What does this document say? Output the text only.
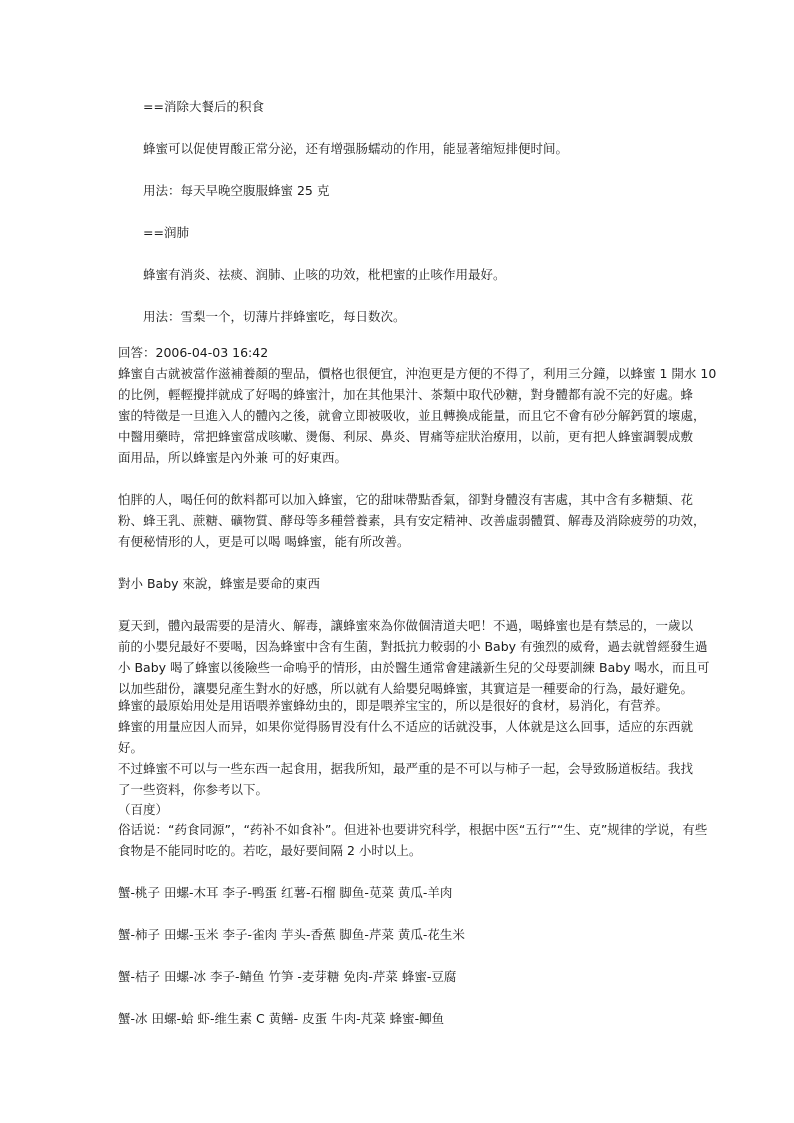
==消除大餐后的积食
蜂蜜可以促使胃酸正常分泌，还有增强肠蠕动的作用，能显著缩短排便时间。
用法：每天早晚空腹服蜂蜜 25 克
==润肺
蜂蜜有消炎、祛痰、润肺、止咳的功效，枇杷蜜的止咳作用最好。
用法：雪梨一个，切薄片拌蜂蜜吃，每日数次。
回答：2006-04-03 16:42
蜂蜜自古就被當作滋補養顏的聖品，價格也很便宜，沖泡更是方便的不得了，利用三分鐘，以蜂蜜 1 開水 10
的比例，輕輕攪拌就成了好喝的蜂蜜汁，加在其他果汁、茶類中取代砂糖，對身體都有說不完的好處。蜂
蜜的特徵是一旦進入人的體內之後，就會立即被吸收，並且轉換成能量，而且它不會有砂分解鈣質的壞處，
中醫用藥時，常把蜂蜜當成咳嗽、燙傷、利尿、鼻炎、胃痛等症狀治療用，以前，更有把人蜂蜜調製成敷
面用品，所以蜂蜜是內外兼 可的好東西。
怕胖的人，喝任何的飲料都可以加入蜂蜜，它的甜味帶點香氣，卻對身體沒有害處，其中含有多糖類、花
粉、蜂王乳、蔗糖、礦物質、酵母等多種營養素，具有安定精神、改善虛弱體質、解毒及消除疲勞的功效，
有便秘情形的人，更是可以喝 喝蜂蜜，能有所改善。
對小 Baby 來說，蜂蜜是要命的東西
夏天到，體內最需要的是清火、解毒，讓蜂蜜來為你做個清道夫吧！不過，喝蜂蜜也是有禁忌的，一歲以
前的小嬰兒最好不要喝，因為蜂蜜中含有生菌，對抵抗力較弱的小 Baby 有強烈的威脅，過去就曾經發生過
小 Baby 喝了蜂蜜以後險些一命嗚乎的情形，由於醫生通常會建議新生兒的父母要訓練 Baby 喝水，而且可
以加些甜份，讓嬰兒產生對水的好感，所以就有人給嬰兒喝蜂蜜，其實這是一種要命的行為，最好避免。
蜂蜜的最原始用处是用语喂养蜜蜂幼虫的，即是喂养宝宝的，所以是很好的食材，易消化，有营养。
蜂蜜的用量应因人而异，如果你觉得肠胃没有什么不适应的话就没事，人体就是这么回事，适应的东西就
好。
不过蜂蜜不可以与一些东西一起食用，据我所知，最严重的是不可以与柿子一起，会导致肠道板结。我找
了一些资料，你参考以下。
（百度）
俗话说：“药食同源”，“药补不如食补”。但进补也要讲究科学，根据中医“五行”“生、克”规律的学说，有些
食物是不能同时吃的。若吃，最好要间隔 2 小时以上。
蟹-桃子 田螺-木耳 李子-鸭蛋 红薯-石榴 脚鱼-苋菜 黄瓜-羊肉
蟹-柿子 田螺-玉米 李子-雀肉 芋头-香蕉 脚鱼-芹菜 黄瓜-花生米
蟹-桔子 田螺-冰 李子-鲭鱼 竹笋 -麦芽糖 免肉-芹菜 蜂蜜-豆腐
蟹-冰 田螺-蛤 虾-维生素 C 黄鳝- 皮蛋 牛肉-芃菜 蜂蜜-鲫鱼
